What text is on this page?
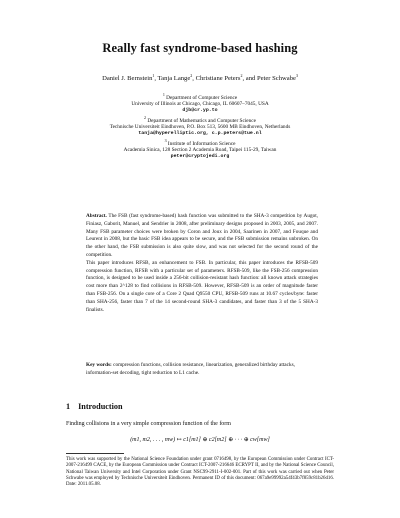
Really fast syndrome-based hashing
Daniel J. Bernstein$^1$, Tanja Lange$^2$, Christiane Peters$^2$, and Peter Schwabe$^3$
$^1$ Department of Computer Science
University of Illinois at Chicago, Chicago, IL 60607–7045, USA
djb@cr.yp.to
$^2$ Department of Mathematics and Computer Science
Technische Universiteit Eindhoven, P.O. Box 513, 5600 MB Eindhoven, Netherlands
tanja@hyperelliptic.org, c.p.peters@tue.nl
$^3$ Institute of Information Science
Academia Sinica, 128 Section 2 Academia Road, Taipei 115-29, Taiwan
peter@cryptojedi.org

Abstract. The FSB (fast syndrome-based) hash function was submitted to the SHA-3 competition by Augot, Finiasz, Gaborit, Manuel, and Sendrier in 2008, after preliminary designs proposed in 2003, 2005, and 2007. Many FSB parameter choices were broken by Coron and Joux in 2004, Saarinen in 2007, and Fouque and Leurent in 2008, but the basic FSB idea appears to be secure, and the FSB submission remains unbroken. On the other hand, the FSB submission is also quite slow, and was not selected for the second round of the competition.

This paper introduces RFSB, an enhancement to FSB. In particular, this paper introduces the RFSB-509 compression function, RFSB with a particular set of parameters. RFSB-509, like the FSB-256 compression function, is designed to be used inside a 256-bit collision-resistant hash function: all known attack strategies cost more than 2^128 to find collisions in RFSB-509. However, RFSB-509 is an order of magnitude faster than FSB-256. On a single core of a Core 2 Quad Q9550 CPU, RFSB-509 runs at 10.67 cycles/byte: faster than SHA-256, faster than 7 of the 14 second-round SHA-3 candidates, and faster than 3 of the 5 SHA-3 finalists.

Key words: compression functions, collision resistance, linearization, generalized birthday attacks, information-set decoding, tight reduction to L1 cache.
1 Introduction
Finding collisions in a very simple compression function of the form
(m1, m2, . . . , mw) ↦ c1[m1] ⊕ c2[m2] ⊕ · · · ⊕ cw[mw]

This work was supported by the National Science Foundation under grant 0716498, by the European Commission under Contract ICT-2007-216499 CACE, by the European Commission under Contract ICT-2007-216646 ECRYPT II, and by the National Science Council, National Taiwan University and Intel Corporation under Grant NSC99-2911-I-002-001. Part of this work was carried out when Peter Schwabe was employed by Technische Universiteit Eindhoven. Permanent ID of this document: 067a9e99992a54f43b7f859c81b26d16. Date: 2011.05.08.
